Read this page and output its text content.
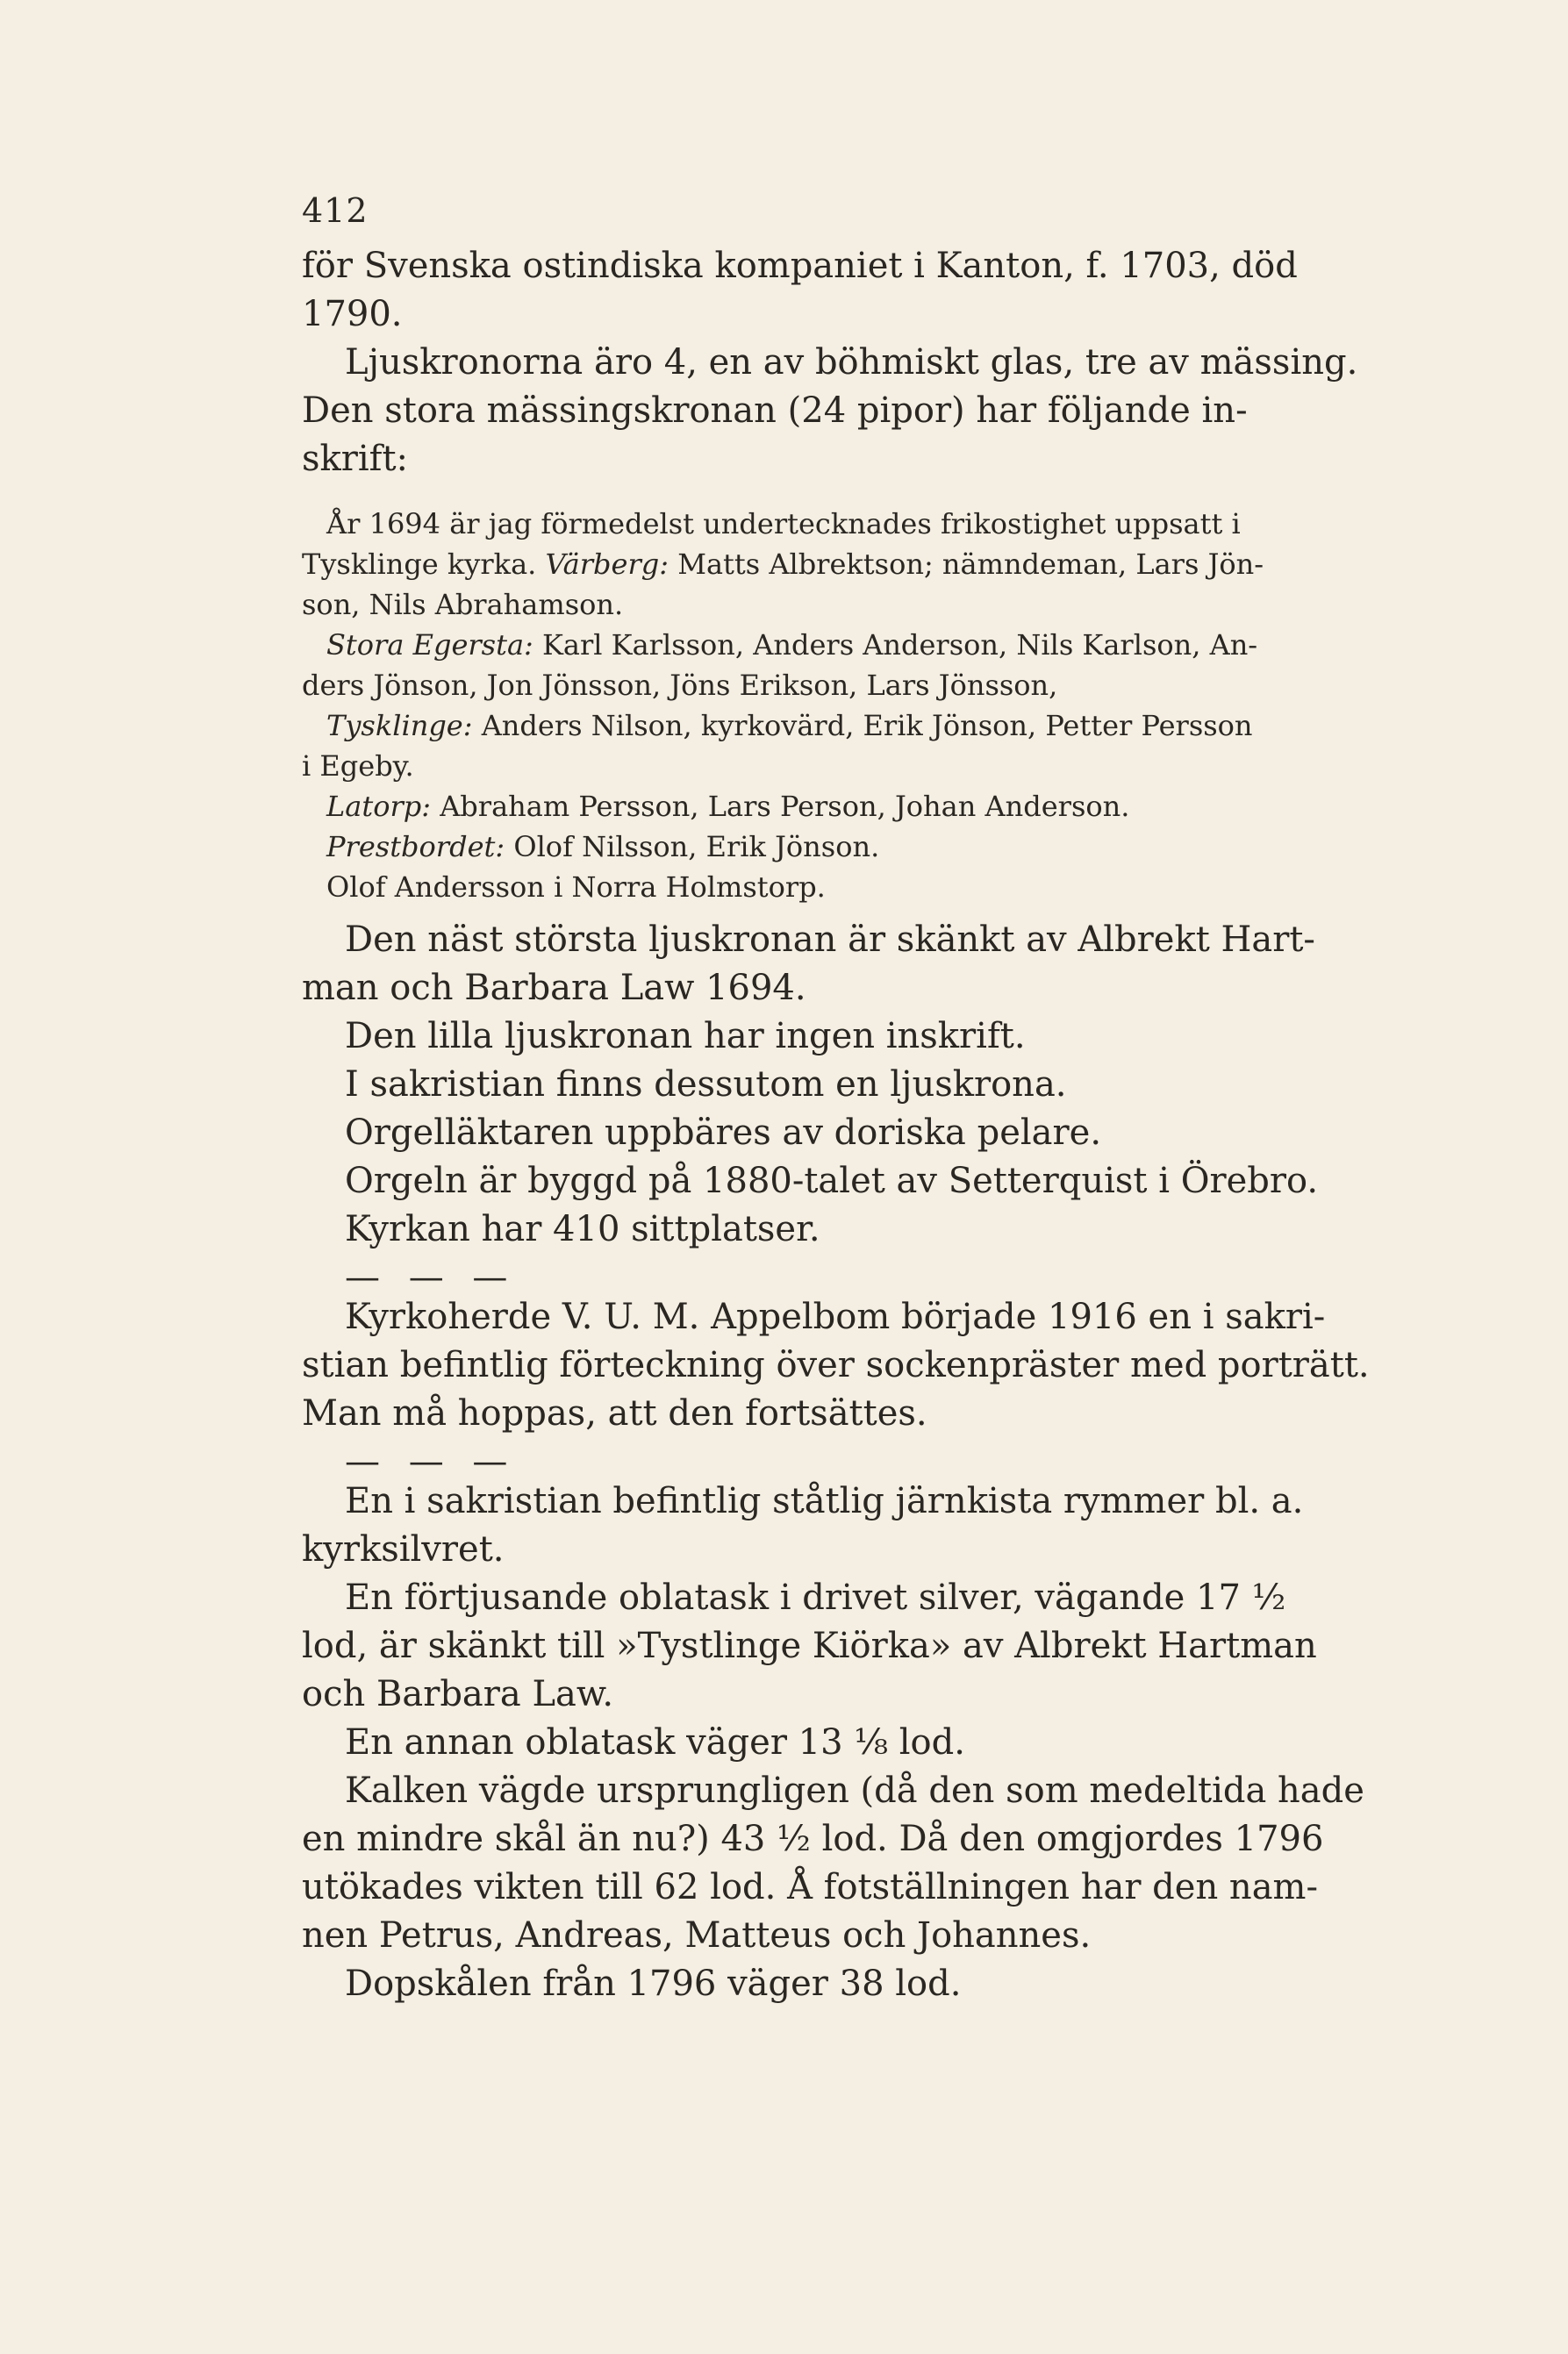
412

för Svenska ostindiska kompaniet i Kanton, f. 1703, död

1790.

Ljuskronorna äro 4, en av böhmiskt glas, tre av mässing.

Den stora mässingskronan (24 pipor) har följande in-

skrift:

År 1694 är jag förmedelst undertecknades frikostighet uppsatt i

Tysklinge kyrka. Värberg: Matts Albrektson; nämndeman, Lars Jön-

son, Nils Abrahamson.

Stora Egersta: Karl Karlsson, Anders Anderson, Nils Karlson, An-

ders Jönson, Jon Jönsson, Jöns Erikson, Lars Jönsson,

Tysklinge: Anders Nilson, kyrkovärd, Erik Jönson, Petter Persson

i Egeby.

Latorp: Abraham Persson, Lars Person, Johan Anderson.

Prestbordet: Olof Nilsson, Erik Jönson.

Olof Andersson i Norra Holmstorp.

Den näst största ljuskronan är skänkt av Albrekt Hart-

man och Barbara Law 1694.

Den lilla ljuskronan har ingen inskrift.

I sakristian finns dessutom en ljuskrona.

Orgelläktaren uppbäres av doriska pelare.

Orgeln är byggd på 1880-talet av Setterquist i Örebro.

Kyrkan har 410 sittplatser.

— — —

Kyrkoherde V. U. M. Appelbom började 1916 en i sakri-

stian befintlig förteckning över sockenpräster med porträtt.

Man må hoppas, att den fortsättes.

— — —

En i sakristian befintlig ståtlig järnkista rymmer bl. a.

kyrksilvret.

En förtjusande oblatask i drivet silver, vägande 17 ½

lod, är skänkt till »Tystlinge Kiörka» av Albrekt Hartman

och Barbara Law.

En annan oblatask väger 13 ⅛ lod.

Kalken vägde ursprungligen (då den som medeltida hade

en mindre skål än nu?) 43 ½ lod. Då den omgjordes 1796

utökades vikten till 62 lod. Å fotställningen har den nam-

nen Petrus, Andreas, Matteus och Johannes.

Dopskålen från 1796 väger 38 lod.
